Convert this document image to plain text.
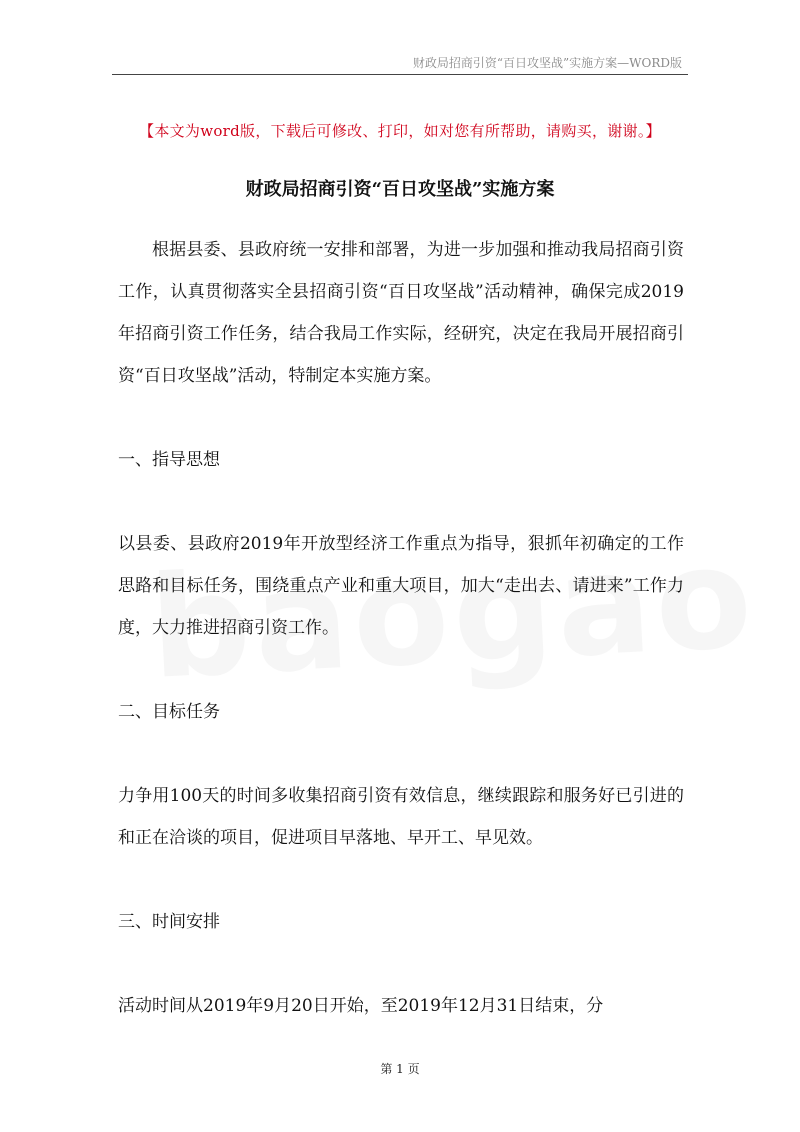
财政局招商引资“百日攻坚战”实施方案—WORD版
【本文为word版，下载后可修改、打印，如对您有所帮助，请购买，谢谢。】
财政局招商引资“百日攻坚战”实施方案
根据县委、县政府统一安排和部署，为进一步加强和推动我局招商引资工作，认真贯彻落实全县招商引资“百日攻坚战”活动精神，确保完成2019年招商引资工作任务，结合我局工作实际，经研究，决定在我局开展招商引资“百日攻坚战”活动，特制定本实施方案。
一、指导思想
以县委、县政府2019年开放型经济工作重点为指导，狠抓年初确定的工作思路和目标任务，围绕重点产业和重大项目，加大“走出去、请进来”工作力度，大力推进招商引资工作。
二、目标任务
力争用100天的时间多收集招商引资有效信息，继续跟踪和服务好已引进的和正在洽谈的项目，促进项目早落地、早开工、早见效。
三、时间安排
活动时间从2019年9月20日开始，至2019年12月31日结束，分
第 1 页
